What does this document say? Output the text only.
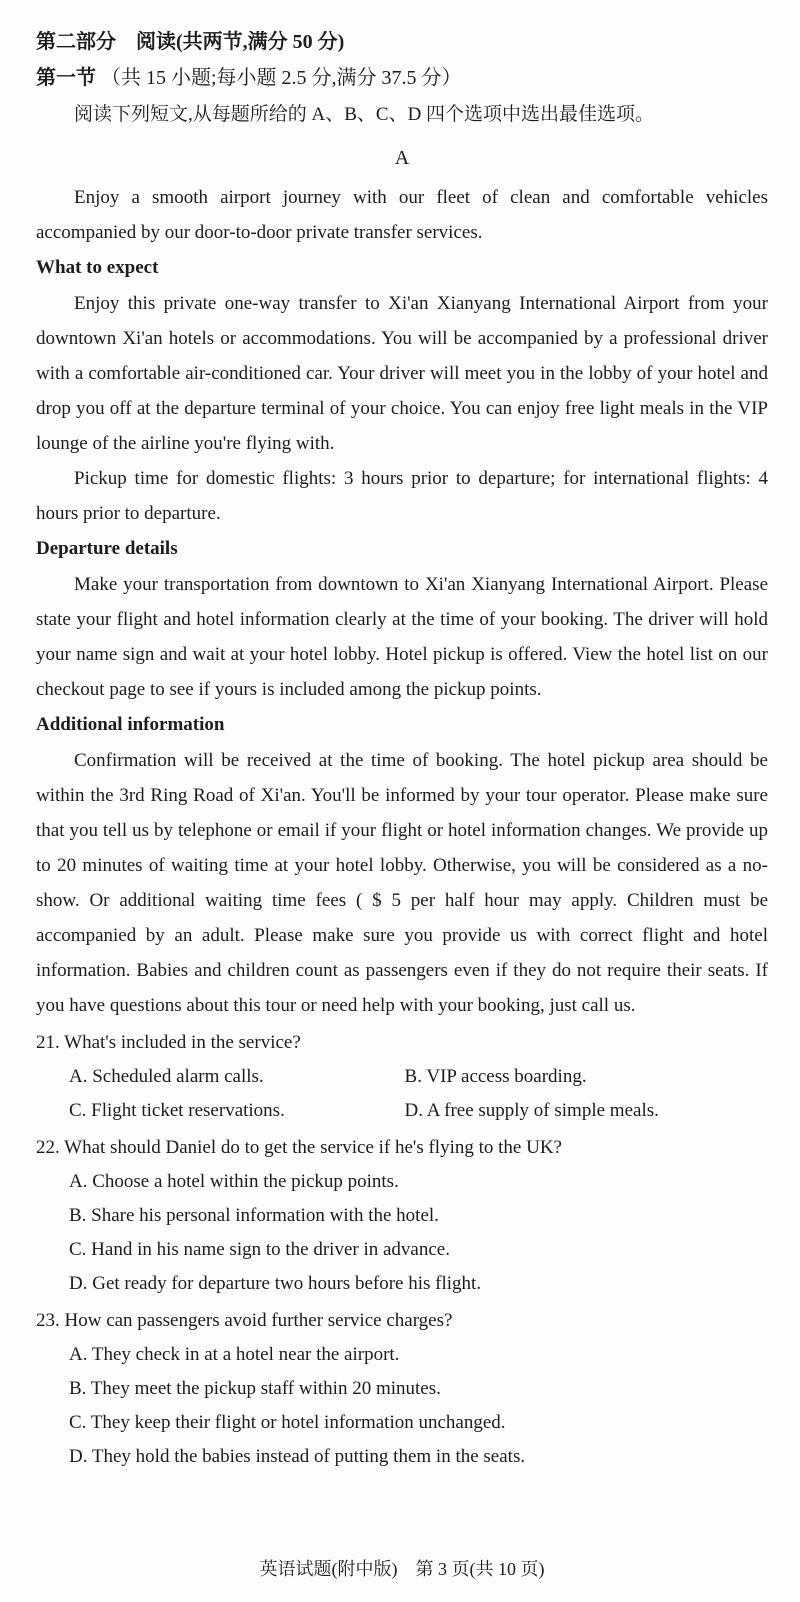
第二部分　阅读(共两节,满分 50 分)
第一节 （共 15 小题;每小题 2.5 分,满分 37.5 分）
阅读下列短文,从每题所给的 A、B、C、D 四个选项中选出最佳选项。
A

Enjoy a smooth airport journey with our fleet of clean and comfortable vehicles accompanied by our door-to-door private transfer services.

What to expect

Enjoy this private one-way transfer to Xi'an Xianyang International Airport from your downtown Xi'an hotels or accommodations. You will be accompanied by a professional driver with a comfortable air-conditioned car. Your driver will meet you in the lobby of your hotel and drop you off at the departure terminal of your choice. You can enjoy free light meals in the VIP lounge of the airline you're flying with.

Pickup time for domestic flights: 3 hours prior to departure; for international flights: 4 hours prior to departure.

Departure details

Make your transportation from downtown to Xi'an Xianyang International Airport. Please state your flight and hotel information clearly at the time of your booking. The driver will hold your name sign and wait at your hotel lobby. Hotel pickup is offered. View the hotel list on our checkout page to see if yours is included among the pickup points.

Additional information

Confirmation will be received at the time of booking. The hotel pickup area should be within the 3rd Ring Road of Xi'an. You'll be informed by your tour operator. Please make sure that you tell us by telephone or email if your flight or hotel information changes. We provide up to 20 minutes of waiting time at your hotel lobby. Otherwise, you will be considered as a no-show. Or additional waiting time fees ( $ 5 per half hour may apply. Children must be accompanied by an adult. Please make sure you provide us with correct flight and hotel information. Babies and children count as passengers even if they do not require their seats. If you have questions about this tour or need help with your booking, just call us.

21. What's included in the service?

A. Scheduled alarm calls.	B. VIP access boarding.
C. Flight ticket reservations.	D. A free supply of simple meals.

22. What should Daniel do to get the service if he's flying to the UK?

A. Choose a hotel within the pickup points.
B. Share his personal information with the hotel.
C. Hand in his name sign to the driver in advance.
D. Get ready for departure two hours before his flight.

23. How can passengers avoid further service charges?

A. They check in at a hotel near the airport.
B. They meet the pickup staff within 20 minutes.
C. They keep their flight or hotel information unchanged.
D. They hold the babies instead of putting them in the seats.
英语试题(附中版)　第 3 页(共 10 页)
